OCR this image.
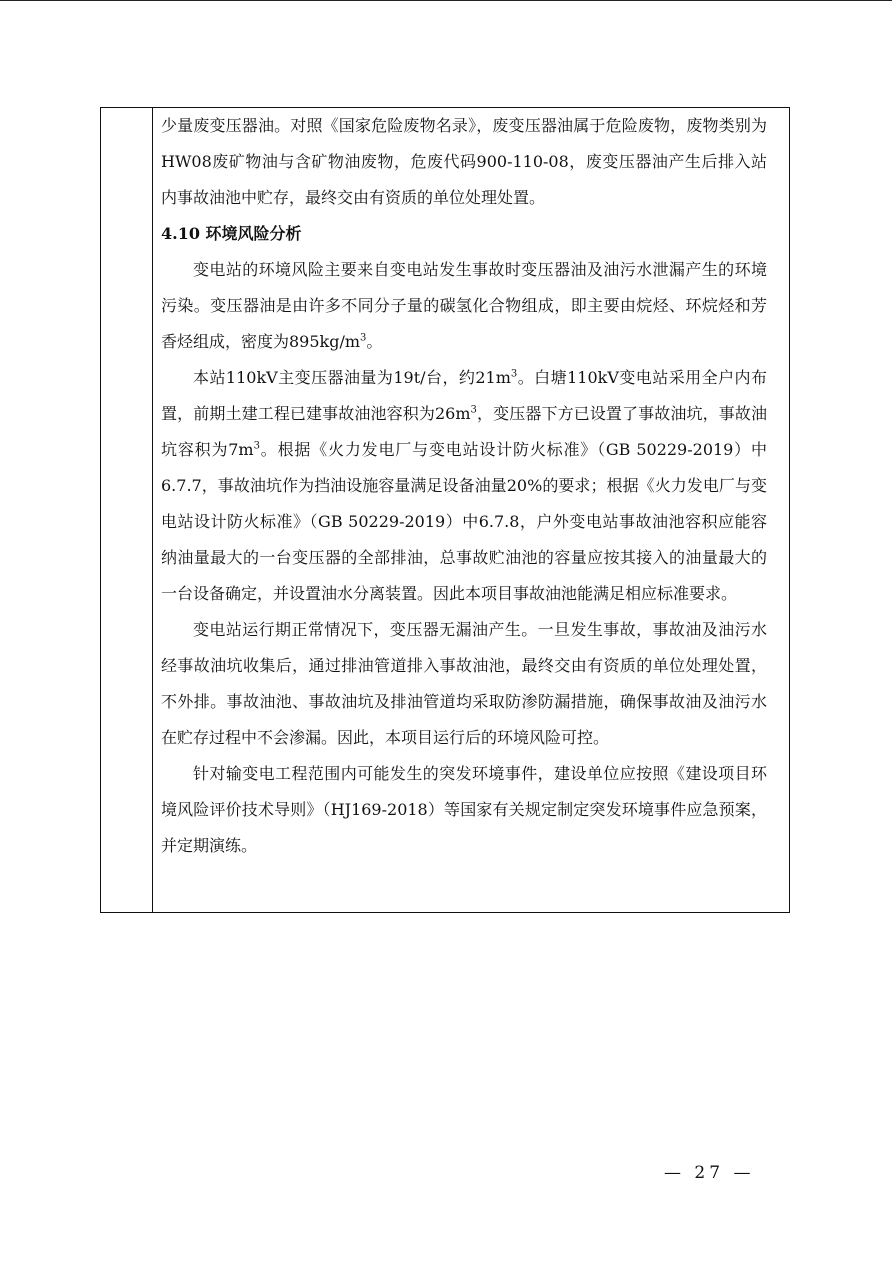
少量废变压器油。对照《国家危险废物名录》，废变压器油属于危险废物，废物类别为HW08废矿物油与含矿物油废物，危废代码900-110-08，废变压器油产生后排入站内事故油池中贮存，最终交由有资质的单位处理处置。

4.10 环境风险分析

变电站的环境风险主要来自变电站发生事故时变压器油及油污水泄漏产生的环境污染。变压器油是由许多不同分子量的碳氢化合物组成，即主要由烷烃、环烷烃和芳香烃组成，密度为$895kg/m^3$。

本站110kV主变压器油量为19t/台，约$21m^3$。白塘110kV变电站采用全户内布置，前期土建工程已建事故油池容积为$26m^3$，变压器下方已设置了事故油坑，事故油坑容积为$7m^3$。根据《火力发电厂与变电站设计防火标准》（GB 50229-2019）中6.7.7，事故油坑作为挡油设施容量满足设备油量20%的要求；根据《火力发电厂与变电站设计防火标准》（GB 50229-2019）中6.7.8，户外变电站事故油池容积应能容纳油量最大的一台变压器的全部排油，总事故贮油池的容量应按其接入的油量最大的一台设备确定，并设置油水分离装置。因此本项目事故油池能满足相应标准要求。

变电站运行期正常情况下，变压器无漏油产生。一旦发生事故，事故油及油污水经事故油坑收集后，通过排油管道排入事故油池，最终交由有资质的单位处理处置，不外排。事故油池、事故油坑及排油管道均采取防渗防漏措施，确保事故油及油污水在贮存过程中不会渗漏。因此，本项目运行后的环境风险可控。

针对输变电工程范围内可能发生的突发环境事件，建设单位应按照《建设项目环境风险评价技术导则》（HJ169-2018）等国家有关规定制定突发环境事件应急预案，并定期演练。

— 27 —
